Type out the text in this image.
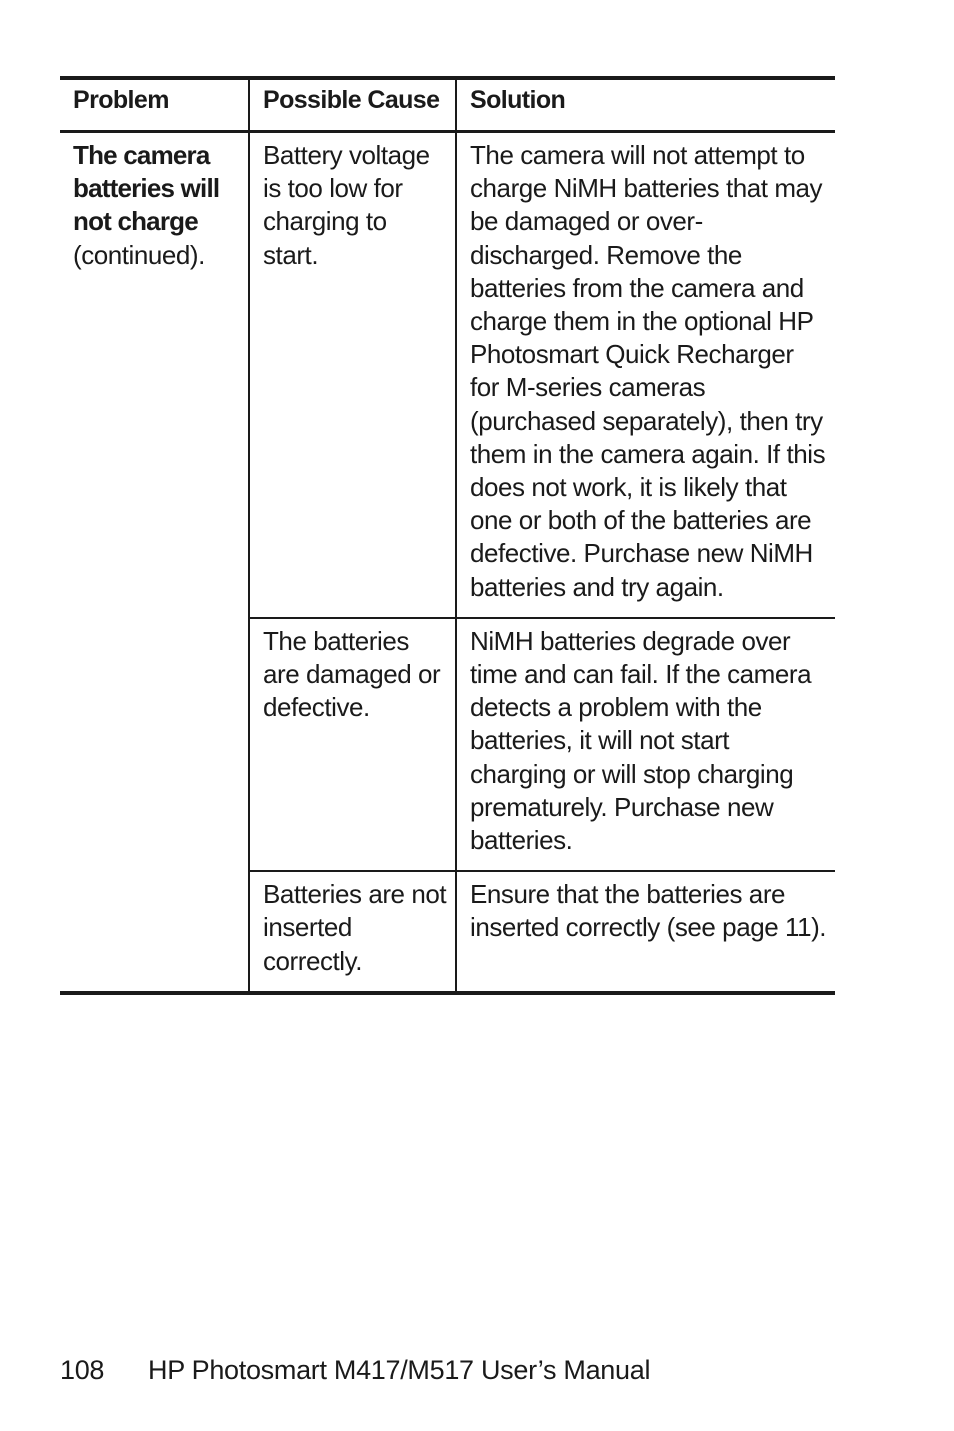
Problem	Possible Cause	Solution
The camera batteries will not charge (continued).	Battery voltage is too low for charging to start.	The camera will not attempt to charge NiMH batteries that may be damaged or over-discharged. Remove the batteries from the camera and charge them in the optional HP Photosmart Quick Recharger for M-series cameras (purchased separately), then try them in the camera again. If this does not work, it is likely that one or both of the batteries are defective. Purchase new NiMH batteries and try again.
	The batteries are damaged or defective.	NiMH batteries degrade over time and can fail. If the camera detects a problem with the batteries, it will not start charging or will stop charging prematurely. Purchase new batteries.
	Batteries are not inserted correctly.	Ensure that the batteries are inserted correctly (see page 11).
108 HP Photosmart M417/M517 User’s Manual
